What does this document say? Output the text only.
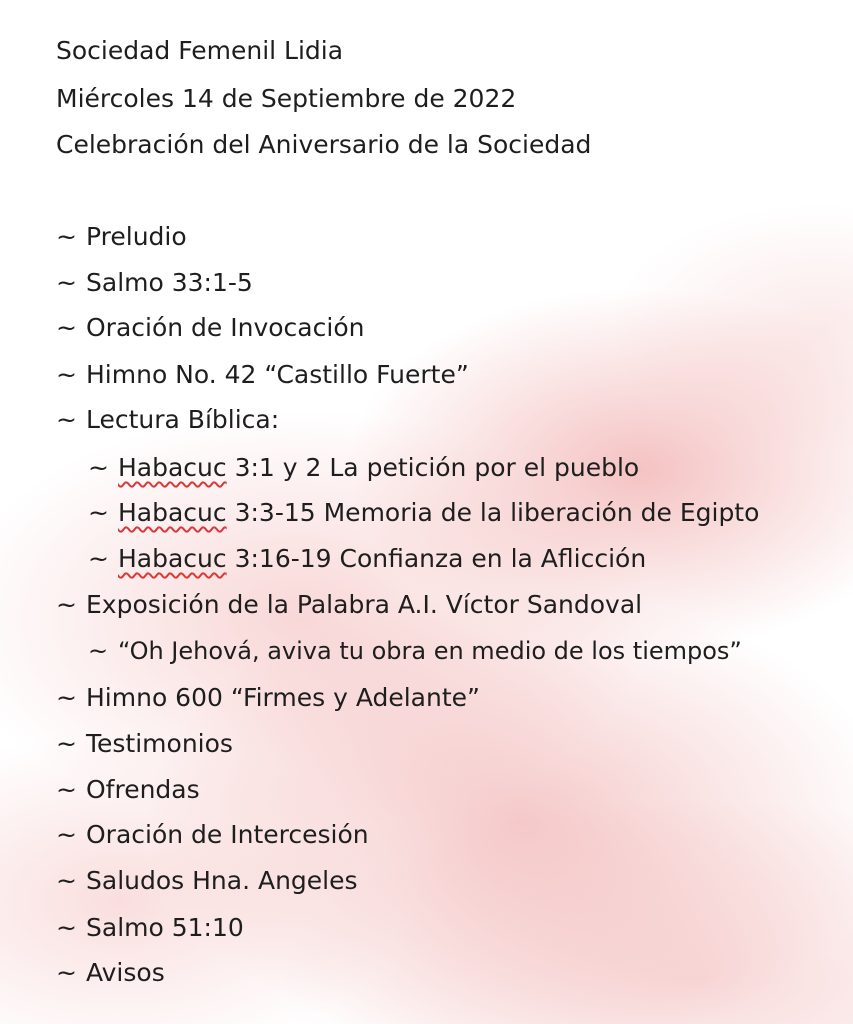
Sociedad Femenil Lidia

Miércoles 14 de Septiembre de 2022

Celebración del Aniversario de la Sociedad

~ Preludio
~ Salmo 33:1-5
~ Oración de Invocación
~ Himno No. 42 “Castillo Fuerte”
~ Lectura Bíblica:
~ Habacuc 3:1 y 2 La petición por el pueblo
~ Habacuc 3:3-15 Memoria de la liberación de Egipto
~ Habacuc 3:16-19 Confianza en la Aflicción
~ Exposición de la Palabra A.I. Víctor Sandoval
~ “Oh Jehová, aviva tu obra en medio de los tiempos”
~ Himno 600 “Firmes y Adelante”
~ Testimonios
~ Ofrendas
~ Oración de Intercesión
~ Saludos Hna. Angeles
~ Salmo 51:10
~ Avisos
